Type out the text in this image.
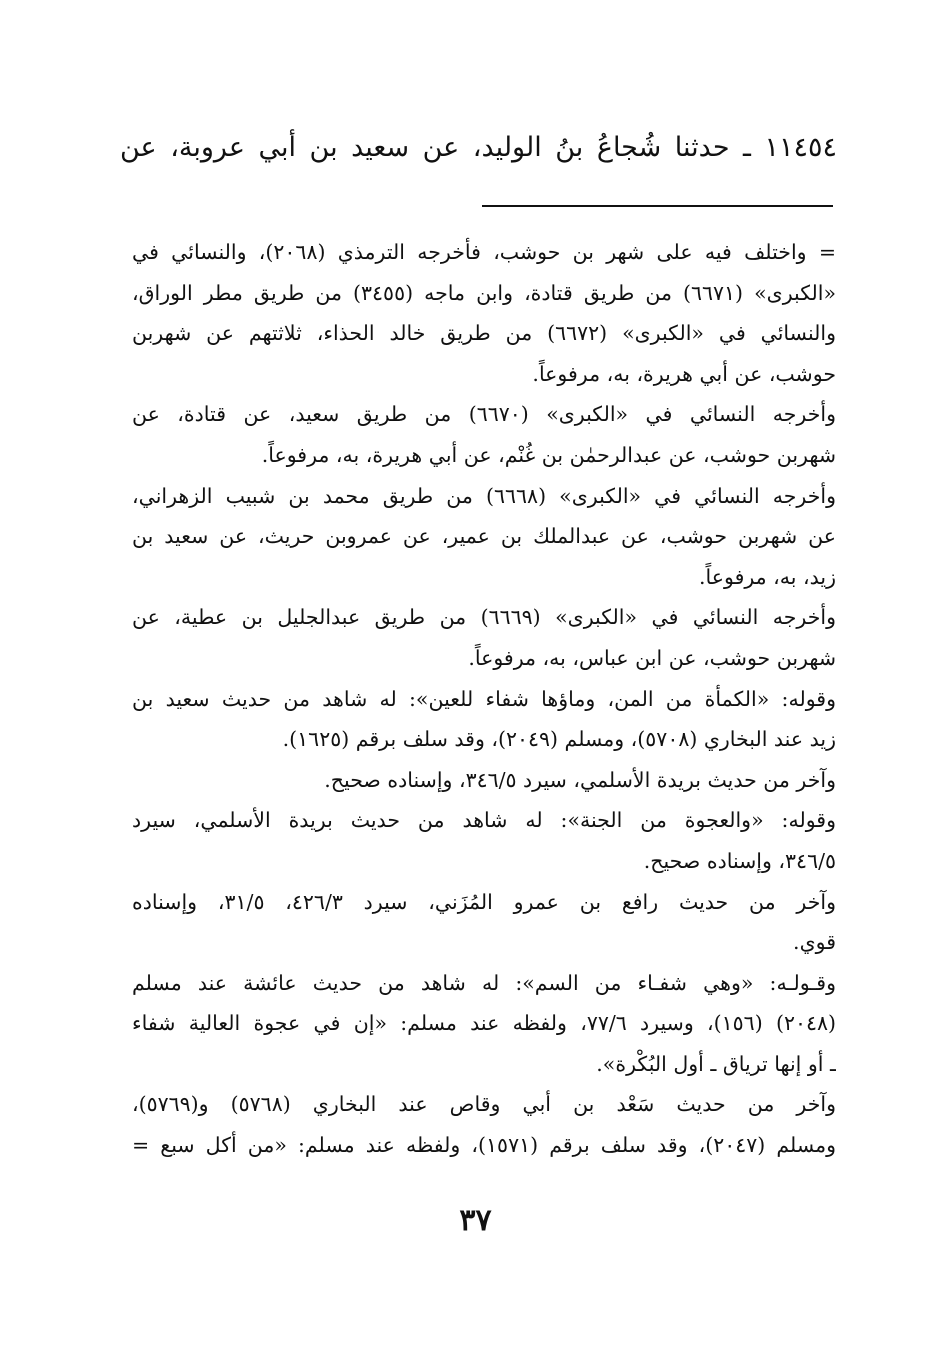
١١٤٥٤ ـ حدثنا شُجاعُ بنُ الوليد، عن سعيد بن أبي عروبة، عن
= واختلف فيه على شهر بن حوشب، فأخرجه الترمذي (٢٠٦٨)، والنسائي في
«الكبرى» (٦٦٧١) من طريق قتادة، وابن ماجه (٣٤٥٥) من طريق مطر الوراق،
والنسائي في «الكبرى» (٦٦٧٢) من طريق خالد الحذاء، ثلاثتهم عن شهربن
حوشب، عن أبي هريرة، به، مرفوعاً.
وأخرجه النسائي في «الكبرى» (٦٦٧٠) من طريق سعيد، عن قتادة، عن
شهربن حوشب، عن عبدالرحمٰن بن غُنْم، عن أبي هريرة، به، مرفوعاً.
وأخرجه النسائي في «الكبرى» (٦٦٦٨) من طريق محمد بن شبيب الزهراني،
عن شهربن حوشب، عن عبدالملك بن عمير، عن عمروبن حريث، عن سعيد بن
زيد، به، مرفوعاً.
وأخرجه النسائي في «الكبرى» (٦٦٦٩) من طريق عبدالجليل بن عطية، عن
شهربن حوشب، عن ابن عباس، به، مرفوعاً.
وقوله: «الكمأة من المن، وماؤها شفاء للعين»: له شاهد من حديث سعيد بن
زيد عند البخاري (٥٧٠٨)، ومسلم (٢٠٤٩)، وقد سلف برقم (١٦٢٥).
وآخر من حديث بريدة الأسلمي، سيرد ٣٤٦/٥، وإسناده صحيح.
وقوله: «والعجوة من الجنة»: له شاهد من حديث بريدة الأسلمي، سيرد
٣٤٦/٥، وإسناده صحيح.
وآخر من حديث رافع بن عمرو المُزَني، سيرد ٤٢٦/٣، ٣١/٥، وإسناده
قوي.
وقـولـه: «وهي شفـاء من السم»: له شاهد من حديث عائشة عند مسلم
(٢٠٤٨) (١٥٦)، وسيرد ٧٧/٦، ولفظه عند مسلم: «إن في عجوة العالية شفاء
ـ أو إنها ترياق ـ أول البُكْرة».
وآخر من حديث سَعْد بن أبي وقاص عند البخاري (٥٧٦٨) و(٥٧٦٩)،
ومسلم (٢٠٤٧)، وقد سلف برقم (١٥٧١)، ولفظه عند مسلم: «من أكل سبع =
٣٧
